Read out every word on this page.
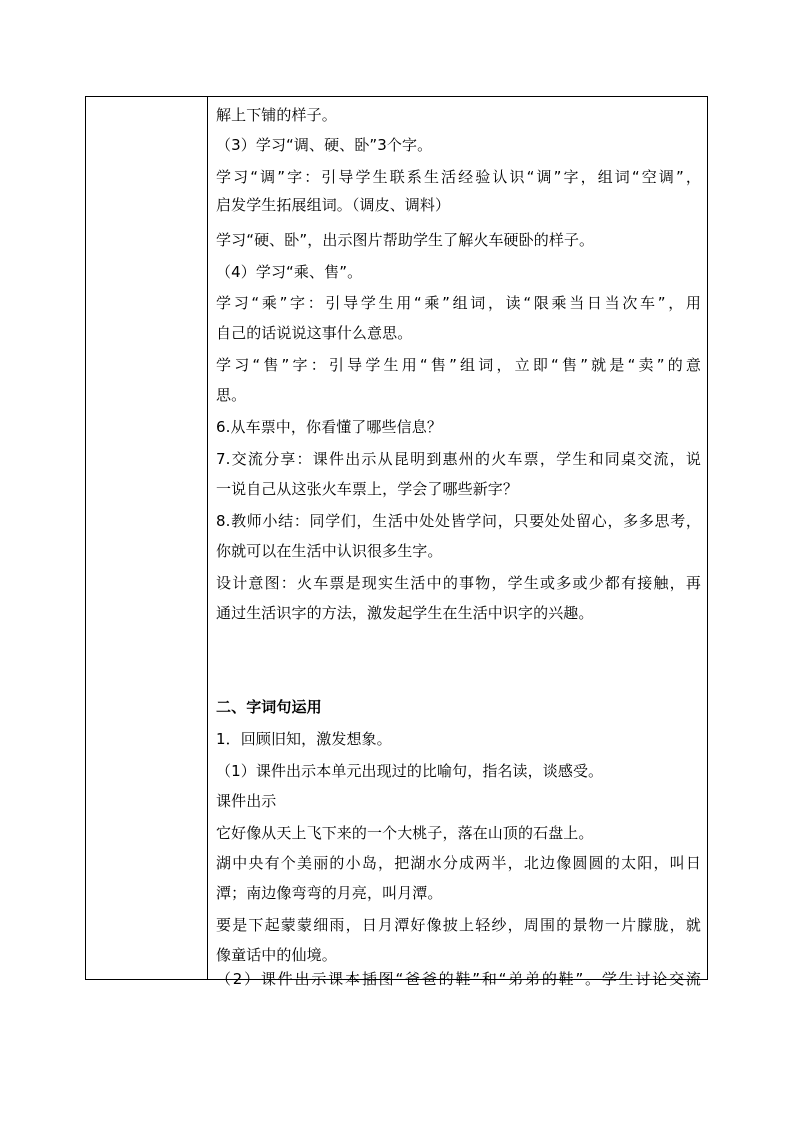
解上下铺的样子。
（3）学习“调、硬、卧”3个字。
学习“调”字：引导学生联系生活经验认识“调”字，组词“空调”，
启发学生拓展组词。（调皮、调料）
学习“硬、卧”，出示图片帮助学生了解火车硬卧的样子。
（4）学习“乘、售”。
学习“乘”字：引导学生用“乘”组词，读“限乘当日当次车”，用
自己的话说说这事什么意思。
学习“售”字：引导学生用“售”组词，立即“售”就是“卖”的意
思。
6.从车票中，你看懂了哪些信息？
7.交流分享：课件出示从昆明到惠州的火车票，学生和同桌交流，说
一说自己从这张火车票上，学会了哪些新字？
8.教师小结：同学们，生活中处处皆学问，只要处处留心，多多思考，
你就可以在生活中认识很多生字。
设计意图：火车票是现实生活中的事物，学生或多或少都有接触，再
通过生活识字的方法，激发起学生在生活中识字的兴趣。
二、字词句运用
1．回顾旧知，激发想象。
（1）课件出示本单元出现过的比喻句，指名读，谈感受。
课件出示
它好像从天上飞下来的一个大桃子，落在山顶的石盘上。
湖中央有个美丽的小岛，把湖水分成两半，北边像圆圆的太阳，叫日
潭；南边像弯弯的月亮，叫月潭。
要是下起蒙蒙细雨，日月潭好像披上轻纱，周围的景物一片朦胧，就
像童话中的仙境。
（2）课件出示课本插图“爸爸的鞋”和“弟弟的鞋”。学生讨论交流
